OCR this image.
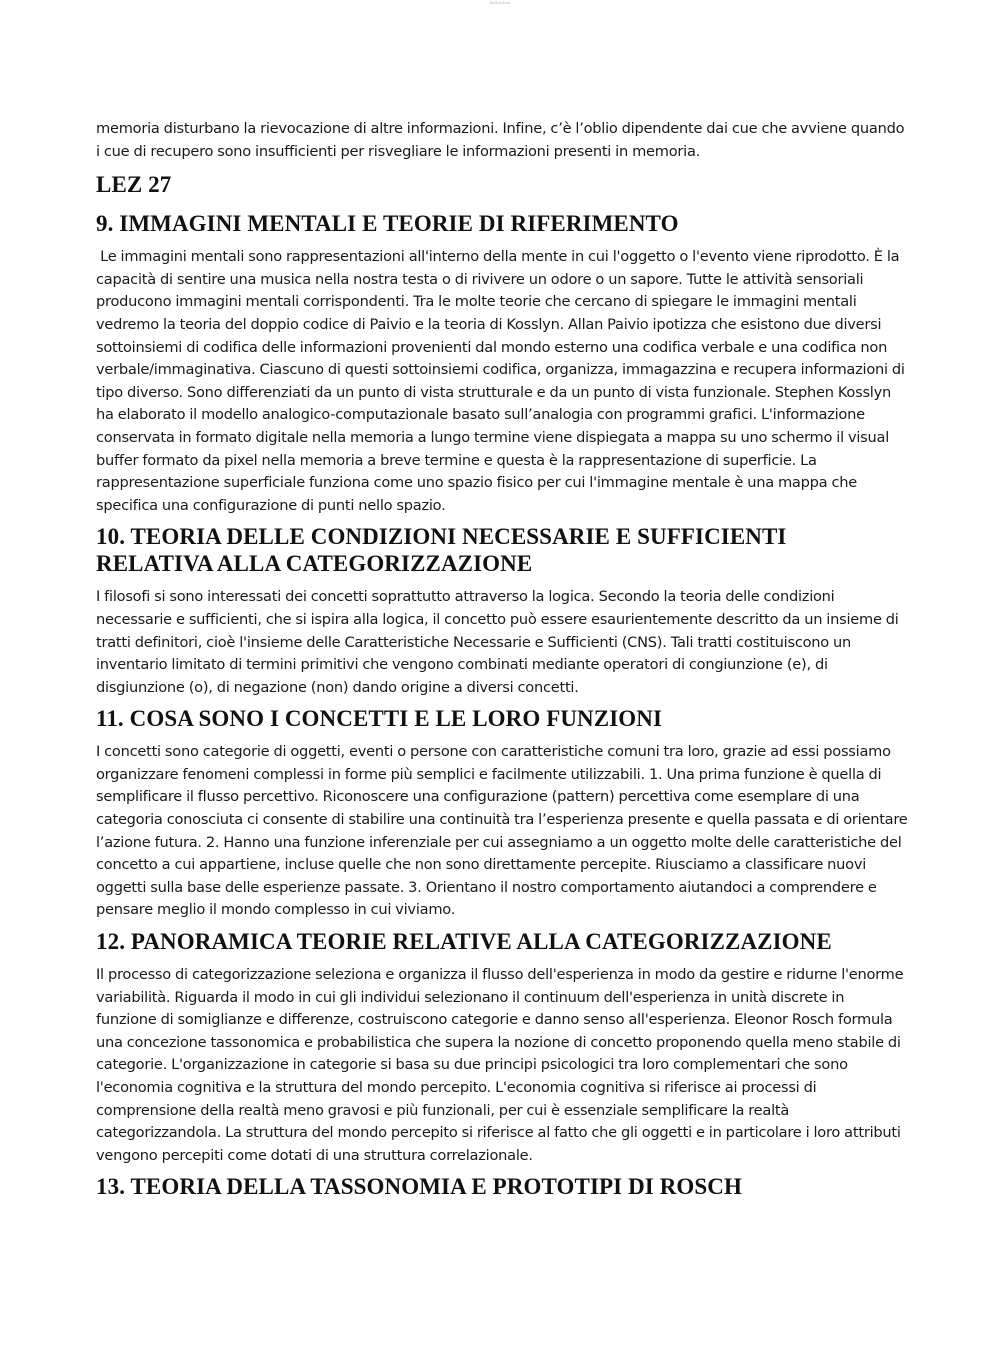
Scribd docs

memoria disturbano la rievocazione di altre informazioni. Infine, c’è l’oblio dipendente dai cue che avviene quando i cue di recupero sono insufficienti per risvegliare le informazioni presenti in memoria.

LEZ 27
9. IMMAGINI MENTALI E TEORIE DI RIFERIMENTO

Le immagini mentali sono rappresentazioni all'interno della mente in cui l'oggetto o l'evento viene riprodotto. È la capacità di sentire una musica nella nostra testa o di rivivere un odore o un sapore. Tutte le attività sensoriali producono immagini mentali corrispondenti. Tra le molte teorie che cercano di spiegare le immagini mentali vedremo la teoria del doppio codice di Paivio e la teoria di Kosslyn. Allan Paivio ipotizza che esistono due diversi sottoinsiemi di codifica delle informazioni provenienti dal mondo esterno una codifica verbale e una codifica non verbale/immaginativa. Ciascuno di questi sottoinsiemi codifica, organizza, immagazzina e recupera informazioni di tipo diverso. Sono differenziati da un punto di vista strutturale e da un punto di vista funzionale. Stephen Kosslyn ha elaborato il modello analogico-computazionale basato sull’analogia con programmi grafici. L'informazione conservata in formato digitale nella memoria a lungo termine viene dispiegata a mappa su uno schermo il visual buffer formato da pixel nella memoria a breve termine e questa è la rappresentazione di superficie. La rappresentazione superficiale funziona come uno spazio fisico per cui l'immagine mentale è una mappa che specifica una configurazione di punti nello spazio.

10. TEORIA DELLE CONDIZIONI NECESSARIE E SUFFICIENTI RELATIVA ALLA CATEGORIZZAZIONE

I filosofi si sono interessati dei concetti soprattutto attraverso la logica. Secondo la teoria delle condizioni necessarie e sufficienti, che si ispira alla logica, il concetto può essere esaurientemente descritto da un insieme di tratti definitori, cioè l'insieme delle Caratteristiche Necessarie e Sufficienti (CNS). Tali tratti costituiscono un inventario limitato di termini primitivi che vengono combinati mediante operatori di congiunzione (e), di disgiunzione (o), di negazione (non) dando origine a diversi concetti.

11. COSA SONO I CONCETTI E LE LORO FUNZIONI

I concetti sono categorie di oggetti, eventi o persone con caratteristiche comuni tra loro, grazie ad essi possiamo organizzare fenomeni complessi in forme più semplici e facilmente utilizzabili. 1. Una prima funzione è quella di semplificare il flusso percettivo. Riconoscere una configurazione (pattern) percettiva come esemplare di una categoria conosciuta ci consente di stabilire una continuità tra l’esperienza presente e quella passata e di orientare l’azione futura. 2. Hanno una funzione inferenziale per cui assegniamo a un oggetto molte delle caratteristiche del concetto a cui appartiene, incluse quelle che non sono direttamente percepite. Riusciamo a classificare nuovi oggetti sulla base delle esperienze passate. 3. Orientano il nostro comportamento aiutandoci a comprendere e pensare meglio il mondo complesso in cui viviamo.

12. PANORAMICA TEORIE RELATIVE ALLA CATEGORIZZAZIONE

Il processo di categorizzazione seleziona e organizza il flusso dell'esperienza in modo da gestire e ridurne l'enorme variabilità. Riguarda il modo in cui gli individui selezionano il continuum dell'esperienza in unità discrete in funzione di somiglianze e differenze, costruiscono categorie e danno senso all'esperienza. Eleonor Rosch formula una concezione tassonomica e probabilistica che supera la nozione di concetto proponendo quella meno stabile di categorie. L'organizzazione in categorie si basa su due principi psicologici tra loro complementari che sono l'economia cognitiva e la struttura del mondo percepito. L'economia cognitiva si riferisce ai processi di comprensione della realtà meno gravosi e più funzionali, per cui è essenziale semplificare la realtà categorizzandola. La struttura del mondo percepito si riferisce al fatto che gli oggetti e in particolare i loro attributi vengono percepiti come dotati di una struttura correlazionale.

13. TEORIA DELLA TASSONOMIA E PROTOTIPI DI ROSCH
